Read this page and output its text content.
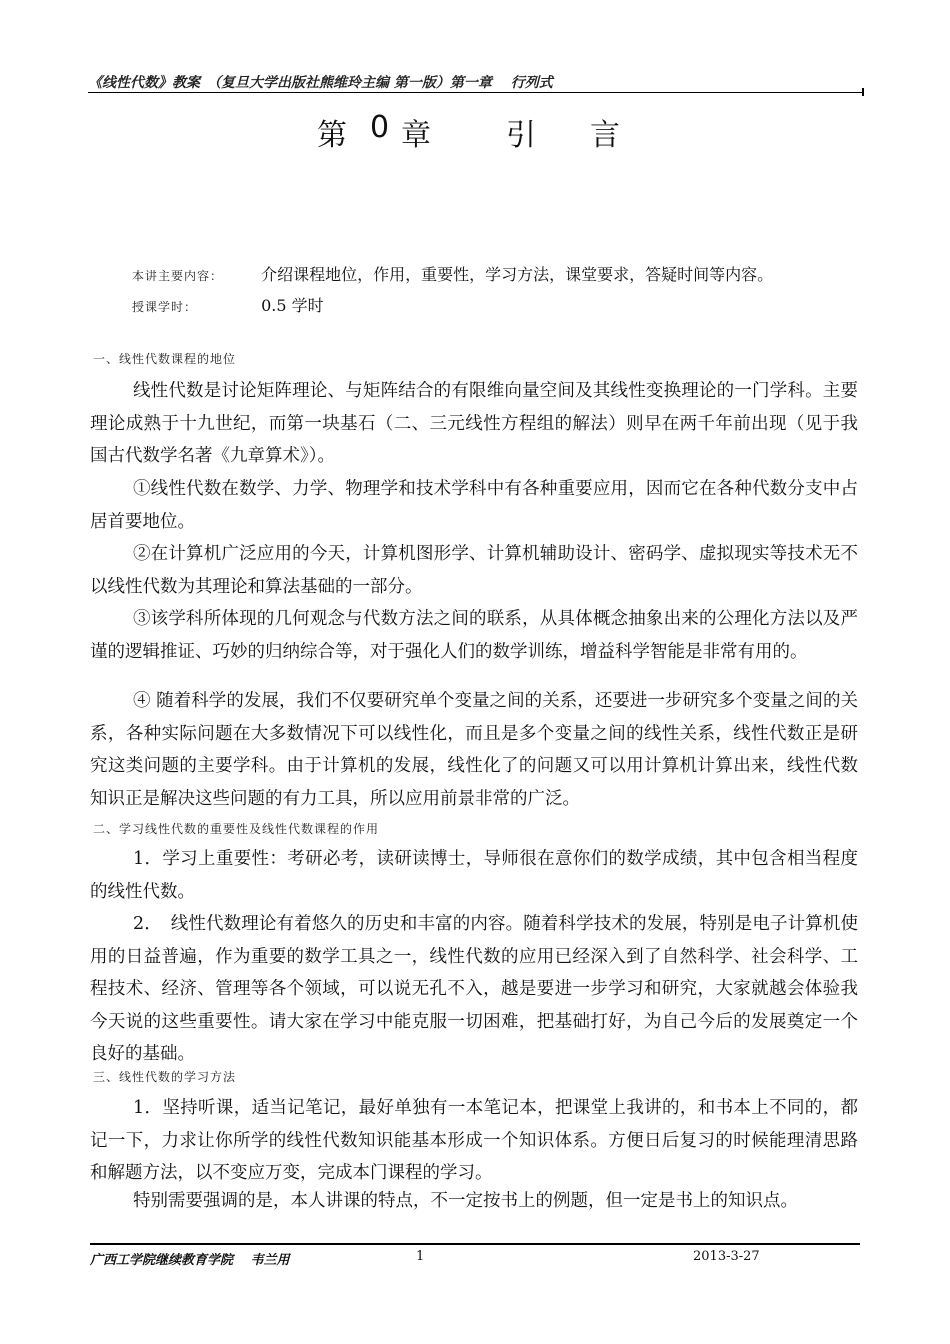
《线性代数》教案　（复旦大学出版社熊维玲主编 第一版）第一章　 行列式　　
第 0 章	引 言
本讲主要内容： 介绍课程地位，作用，重要性，学习方法，课堂要求，答疑时间等内容。
授课学时：	0.5 学时
一、线性代数课程的地位

线性代数是讨论矩阵理论、与矩阵结合的有限维向量空间及其线性变换理论的一门学科。主要理论成熟于十九世纪，而第一块基石（二、三元线性方程组的解法）则早在两千年前出现（见于我国古代数学名著《九章算术》）。

①线性代数在数学、力学、物理学和技术学科中有各种重要应用，因而它在各种代数分支中占居首要地位。

②在计算机广泛应用的今天，计算机图形学、计算机辅助设计、密码学、虚拟现实等技术无不以线性代数为其理论和算法基础的一部分。

③该学科所体现的几何观念与代数方法之间的联系，从具体概念抽象出来的公理化方法以及严谨的逻辑推证、巧妙的归纳综合等，对于强化人们的数学训练，增益科学智能是非常有用的。

④ 随着科学的发展，我们不仅要研究单个变量之间的关系，还要进一步研究多个变量之间的关系，各种实际问题在大多数情况下可以线性化，而且是多个变量之间的线性关系，线性代数正是研究这类问题的主要学科。由于计算机的发展，线性化了的问题又可以用计算机计算出来，线性代数知识正是解决这些问题的有力工具，所以应用前景非常的广泛。

二、学习线性代数的重要性及线性代数课程的作用

1．学习上重要性：考研必考，读研读博士，导师很在意你们的数学成绩，其中包含相当程度的线性代数。

2．　线性代数理论有着悠久的历史和丰富的内容。随着科学技术的发展，特别是电子计算机使用的日益普遍，作为重要的数学工具之一，线性代数的应用已经深入到了自然科学、社会科学、工程技术、经济、管理等各个领域，可以说无孔不入，越是要进一步学习和研究，大家就越会体验我今天说的这些重要性。请大家在学习中能克服一切困难，把基础打好，为自己今后的发展奠定一个良好的基础。

三、线性代数的学习方法

1．坚持听课，适当记笔记，最好单独有一本笔记本，把课堂上我讲的，和书本上不同的，都记一下，力求让你所学的线性代数知识能基本形成一个知识体系。方便日后复习的时候能理清思路和解题方法，以不变应万变，完成本门课程的学习。

特别需要强调的是，本人讲课的特点，不一定按书上的例题，但一定是书上的知识点。

广西工学院继续教育学院　 韦兰用	1	2013-3-27
